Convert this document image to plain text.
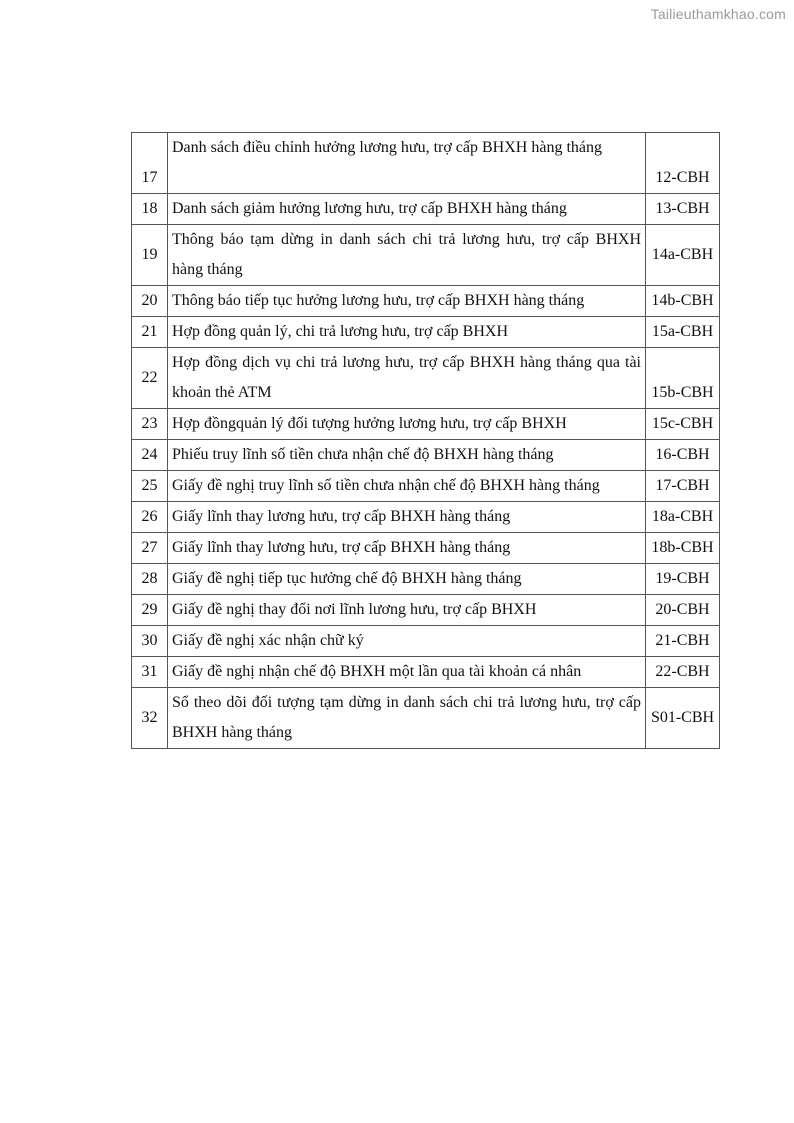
Tailieuthamkhao.com
17	Danh sách điều chỉnh hưởng lương hưu, trợ cấp BHXH hàng tháng	12-CBH
18	Danh sách giảm hưởng lương hưu, trợ cấp BHXH hàng tháng	13-CBH
19	Thông báo tạm dừng in danh sách chi trả lương hưu, trợ cấp BHXH hàng tháng	14a-CBH
20	Thông báo tiếp tục hưởng lương hưu, trợ cấp BHXH hàng tháng	14b-CBH
21	Hợp đồng quản lý, chi trả lương hưu, trợ cấp BHXH	15a-CBH
22	Hợp đồng dịch vụ chi trả lương hưu, trợ cấp BHXH hàng tháng qua tài khoản thẻ ATM	15b-CBH
23	Hợp đồngquản lý đối tượng hưởng lương hưu, trợ cấp BHXH	15c-CBH
24	Phiếu truy lĩnh số tiền chưa nhận chế độ BHXH hàng tháng	16-CBH
25	Giấy đề nghị truy lĩnh số tiền chưa nhận chế độ BHXH hàng tháng	17-CBH
26	Giấy lĩnh thay lương hưu, trợ cấp BHXH hàng tháng	18a-CBH
27	Giấy lĩnh thay lương hưu, trợ cấp BHXH hàng tháng	18b-CBH
28	Giấy đề nghị tiếp tục hưởng chế độ BHXH hàng tháng	19-CBH
29	Giấy đề nghị thay đổi nơi lĩnh lương hưu, trợ cấp BHXH	20-CBH
30	Giấy đề nghị xác nhận chữ ký	21-CBH
31	Giấy đề nghị nhận chế độ BHXH một lần qua tài khoản cá nhân	22-CBH
32	Sổ theo dõi đối tượng tạm dừng in danh sách chi trả lương hưu, trợ cấp BHXH hàng tháng	S01-CBH
